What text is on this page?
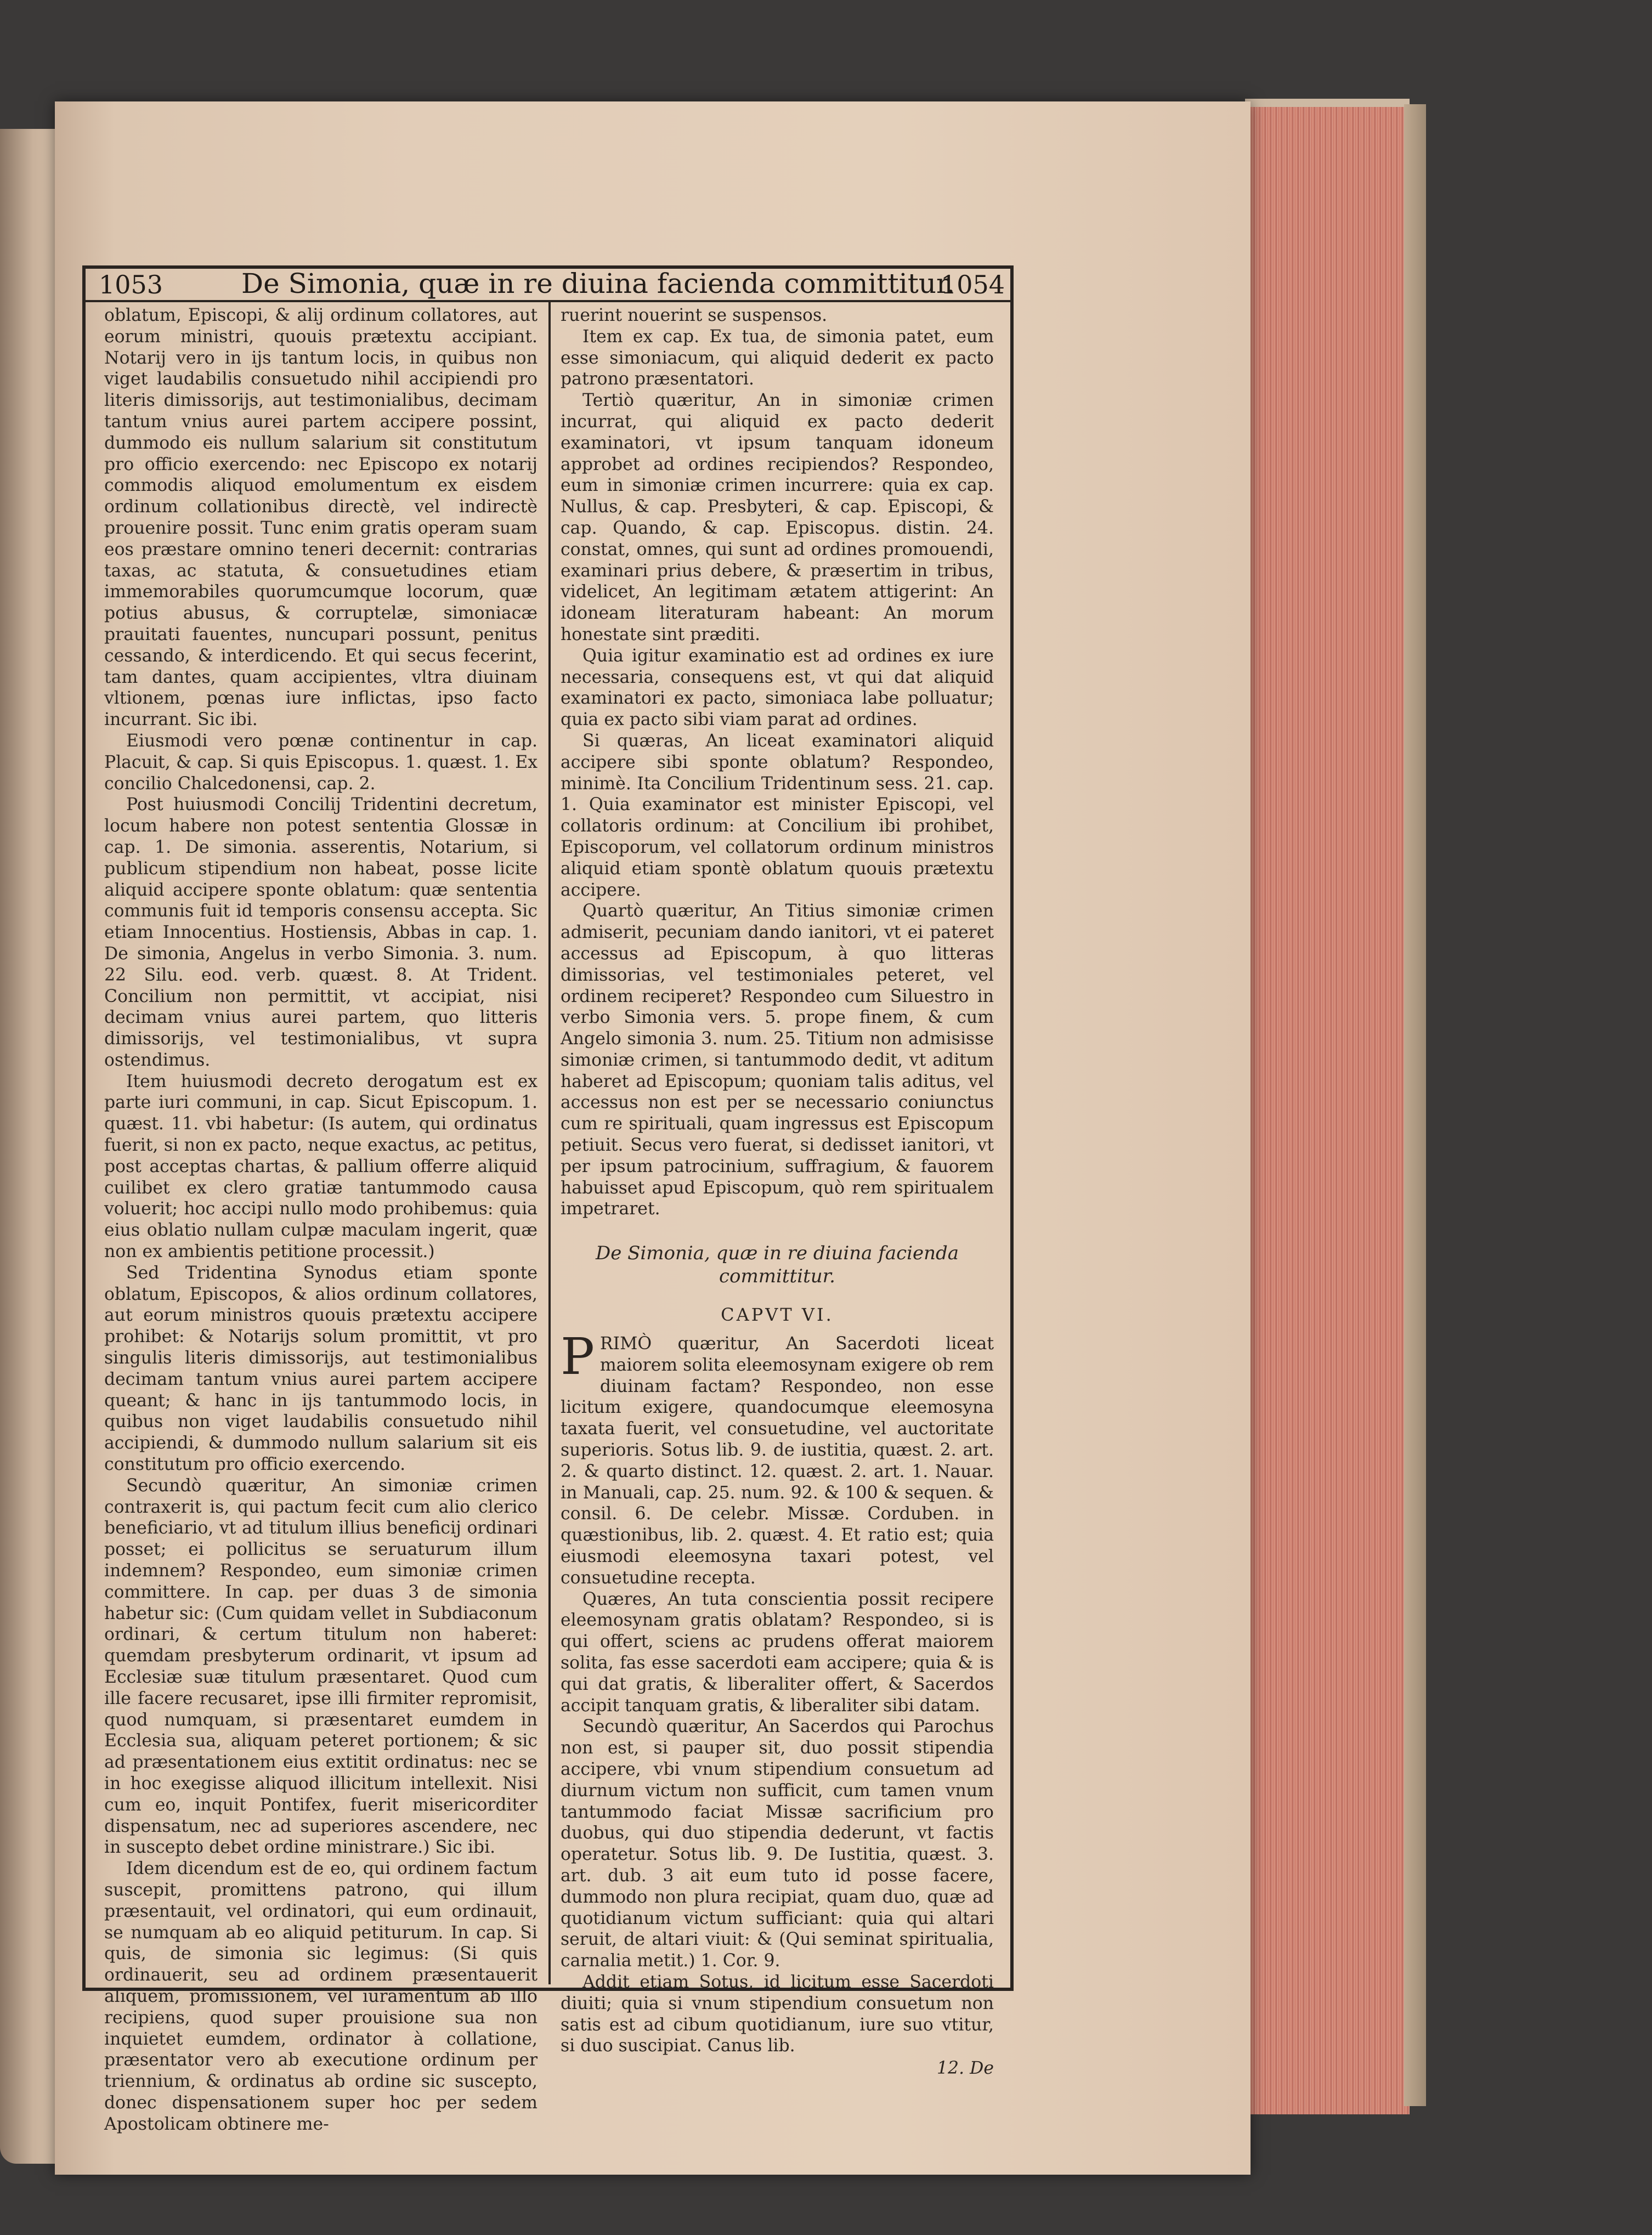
1053	De Simonia, quæ in re diuina facienda committitur.
1054

oblatum, Episcopi, & alij ordinum collatores, aut eorum ministri, quouis prætextu accipiant. Notarij vero in ijs tantum locis, in quibus non viget laudabilis consuetudo nihil accipiendi pro literis dimissorijs, aut testimonialibus, decimam tantum vnius aurei partem accipere possint, dummodo eis nullum salarium sit constitutum pro officio exercendo: nec Episcopo ex notarij commodis aliquod emolumentum ex eisdem ordinum collationibus directè, vel indirectè prouenire possit. Tunc enim gratis operam suam eos præstare omnino teneri decernit: contrarias taxas, ac statuta, & consuetudines etiam immemorabiles quorumcumque locorum, quæ potius abusus, & corruptelæ, simoniacæ prauitati fauentes, nuncupari possunt, penitus cessando, & interdicendo. Et qui secus fecerint, tam dantes, quam accipientes, vltra diuinam vltionem, pœnas iure inflictas, ipso facto incurrant. Sic ibi.

Eiusmodi vero pœnæ continentur in cap. Placuit, & cap. Si quis Episcopus. 1. quæst. 1. Ex concilio Chalcedonensi, cap. 2.

Post huiusmodi Concilij Tridentini decretum, locum habere non potest sententia Glossæ in cap. 1. De simonia. asserentis, Notarium, si publicum stipendium non habeat, posse licite aliquid accipere sponte oblatum: quæ sententia communis fuit id temporis consensu accepta. Sic etiam Innocentius. Hostiensis, Abbas in cap. 1. De simonia, Angelus in verbo Simonia. 3. num. 22 Silu. eod. verb. quæst. 8. At Trident. Concilium non permittit, vt accipiat, nisi decimam vnius aurei partem, quo litteris dimissorijs, vel testimonialibus, vt supra ostendimus.

Item huiusmodi decreto derogatum est ex parte iuri communi, in cap. Sicut Episcopum. 1. quæst. 11. vbi habetur: (Is autem, qui ordinatus fuerit, si non ex pacto, neque exactus, ac petitus, post acceptas chartas, & pallium offerre aliquid cuilibet ex clero gratiæ tantummodo causa voluerit; hoc accipi nullo modo prohibemus: quia eius oblatio nullam culpæ maculam ingerit, quæ non ex ambientis petitione processit.)

Sed Tridentina Synodus etiam sponte oblatum, Episcopos, & alios ordinum collatores, aut eorum ministros quouis prætextu accipere prohibet: & Notarijs solum promittit, vt pro singulis literis dimissorijs, aut testimonialibus decimam tantum vnius aurei partem accipere queant; & hanc in ijs tantummodo locis, in quibus non viget laudabilis consuetudo nihil accipiendi, & dummodo nullum salarium sit eis constitutum pro officio exercendo.

Secundò quæritur, An simoniæ crimen contraxerit is, qui pactum fecit cum alio clerico beneficiario, vt ad titulum illius beneficij ordinari posset; ei pollicitus se seruaturum illum indemnem? Respondeo, eum simoniæ crimen committere. In cap. per duas 3 de simonia habetur sic: (Cum quidam vellet in Subdiaconum ordinari, & certum titulum non haberet: quemdam presbyterum ordinarit, vt ipsum ad Ecclesiæ suæ titulum præsentaret. Quod cum ille facere recusaret, ipse illi firmiter repromisit, quod numquam, si præsentaret eumdem in Ecclesia sua, aliquam peteret portionem; & sic ad præsentationem eius extitit ordinatus: nec se in hoc exegisse aliquod illicitum intellexit. Nisi cum eo, inquit Pontifex, fuerit misericorditer dispensatum, nec ad superiores ascendere, nec in suscepto debet ordine ministrare.) Sic ibi.

Idem dicendum est de eo, qui ordinem factum suscepit, promittens patrono, qui illum præsentauit, vel ordinatori, qui eum ordinauit, se numquam ab eo aliquid petiturum. In cap. Si quis, de simonia sic legimus: (Si quis ordinauerit, seu ad ordinem præsentauerit aliquem, promissionem, vel iuramentum ab illo recipiens, quod super prouisione sua non inquietet eumdem, ordinator à collatione, præsentator vero ab executione ordinum per triennium, & ordinatus ab ordine sic suscepto, donec dispensationem super hoc per sedem Apostolicam obtinere me-

ruerint nouerint se suspensos.

Item ex cap. Ex tua, de simonia patet, eum esse simoniacum, qui aliquid dederit ex pacto patrono præsentatori.

Tertiò quæritur, An in simoniæ crimen incurrat, qui aliquid ex pacto dederit examinatori, vt ipsum tanquam idoneum approbet ad ordines recipiendos? Respondeo, eum in simoniæ crimen incurrere: quia ex cap. Nullus, & cap. Presbyteri, & cap. Episcopi, & cap. Quando, & cap. Episcopus. distin. 24. constat, omnes, qui sunt ad ordines promouendi, examinari prius debere, & præsertim in tribus, videlicet, An legitimam ætatem attigerint: An idoneam literaturam habeant: An morum honestate sint præditi.

Quia igitur examinatio est ad ordines ex iure necessaria, consequens est, vt qui dat aliquid examinatori ex pacto, simoniaca labe polluatur; quia ex pacto sibi viam parat ad ordines.

Si quæras, An liceat examinatori aliquid accipere sibi sponte oblatum? Respondeo, minimè. Ita Concilium Tridentinum sess. 21. cap. 1. Quia examinator est minister Episcopi, vel collatoris ordinum: at Concilium ibi prohibet, Episcoporum, vel collatorum ordinum ministros aliquid etiam spontè oblatum quouis prætextu accipere.

Quartò quæritur, An Titius simoniæ crimen admiserit, pecuniam dando ianitori, vt ei pateret accessus ad Episcopum, à quo litteras dimissorias, vel testimoniales peteret, vel ordinem reciperet? Respondeo cum Siluestro in verbo Simonia vers. 5. prope finem, & cum Angelo simonia 3. num. 25. Titium non admisisse simoniæ crimen, si tantummodo dedit, vt aditum haberet ad Episcopum; quoniam talis aditus, vel accessus non est per se necessario coniunctus cum re spirituali, quam ingressus est Episcopum petiuit. Secus vero fuerat, si dedisset ianitori, vt per ipsum patrocinium, suffragium, & fauorem habuisset apud Episcopum, quò rem spiritualem impetraret.

De Simonia, quæ in re diuina facienda
committitur.
CAPVT VI.

PRIMÒ quæritur, An Sacerdoti liceat maiorem solita eleemosynam exigere ob rem diuinam factam? Respondeo, non esse licitum exigere, quandocumque eleemosyna taxata fuerit, vel consuetudine, vel auctoritate superioris. Sotus lib. 9. de iustitia, quæst. 2. art. 2. & quarto distinct. 12. quæst. 2. art. 1. Nauar. in Manuali, cap. 25. num. 92. & 100 & sequen. & consil. 6. De celebr. Missæ. Corduben. in quæstionibus, lib. 2. quæst. 4. Et ratio est; quia eiusmodi eleemosyna taxari potest, vel consuetudine recepta.

Quæres, An tuta conscientia possit recipere eleemosynam gratis oblatam? Respondeo, si is qui offert, sciens ac prudens offerat maiorem solita, fas esse sacerdoti eam accipere; quia & is qui dat gratis, & liberaliter offert, & Sacerdos accipit tanquam gratis, & liberaliter sibi datam.

Secundò quæritur, An Sacerdos qui Parochus non est, si pauper sit, duo possit stipendia accipere, vbi vnum stipendium consuetum ad diurnum victum non sufficit, cum tamen vnum tantummodo faciat Missæ sacrificium pro duobus, qui duo stipendia dederunt, vt factis operatetur. Sotus lib. 9. De Iustitia, quæst. 3. art. dub. 3 ait eum tuto id posse facere, dummodo non plura recipiat, quam duo, quæ ad quotidianum victum sufficiant: quia qui altari seruit, de altari viuit: & (Qui seminat spiritualia, carnalia metit.) 1. Cor. 9.

Addit etiam Sotus, id licitum esse Sacerdoti diuiti; quia si vnum stipendium consuetum non satis est ad cibum quotidianum, iure suo vtitur, si duo suscipiat. Canus lib.

12. De
